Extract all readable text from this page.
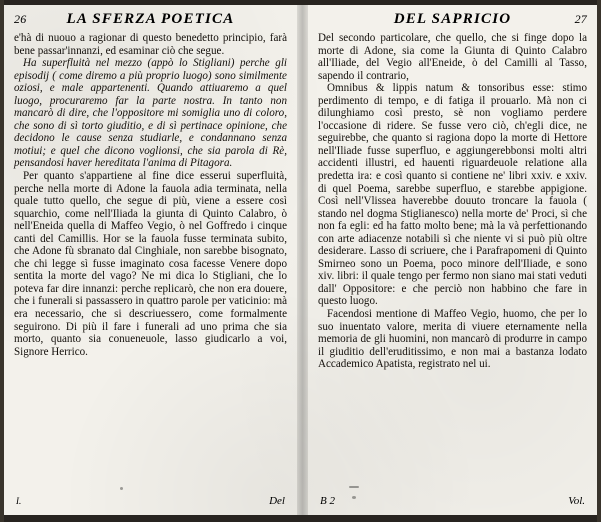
26	LA SFERZA POETICA

e'hà di nuouo a ragionar di questo benedetto principio, farà bene passar'innanzi, ed esaminar ciò che segue.

Ha superfluità nel mezzo (appò lo Stigliani) perche gli episodij ( come diremo a più proprio luogo) sono similmente oziosi, e male appartenenti. Quando attiuaremo a quel luogo, procuraremo far la parte nostra. In tanto non mancarò di dire, che l'oppositore mi somiglia uno di coloro, che sono di sì torto giuditio, e di sì pertinace opinione, che decidono le cause senza studiarle, e condannano senza motiui; e quel che dicono voglionsi, che sia parola di Rè, pensandosi haver hereditata l'anima di Pitagora.

Per quanto s'appartiene al fine dice esserui superfluità, perche nella morte di Adone la fauola adia terminata, nella quale tutto quello, che segue di più, viene a essere così squarchio, come nell'Iliada la giunta di Quinto Calabro, ò nell'Eneida quella di Maffeo Vegio, ò nel Goffredo i cinque canti del Camillis. Hor se la fauola fusse terminata subito, che Adone fù sbranato dal Cinghiale, non sarebbe bisognato, che chi legge sì fusse imaginato cosa facesse Venere dopo sentita la morte del vago? Ne mi dica lo Stigliani, che lo poteva far dire innanzi: perche replicarò, che non era douere, che i funerali si passassero in quattro parole per vaticinio: mà era necessario, che si descriuessero, come formalmente seguirono. Di più il fare i funerali ad uno prima che sia morto, quanto sia conueneuole, lasso giudicarlo a voi, Signore Herrico.

I.	Del
DEL SAPRICIO	27

Del secondo particolare, che quello, che si finge dopo la morte di Adone, sia come la Giunta di Quinto Calabro all'Iliade, del Vegio all'Eneide, ò del Camilli al Tasso, sapendo il contrario,

Omnibus & lippis natum & tonsoribus esse: stimo perdimento di tempo, e di fatiga il prouarlo. Mà non ci dilunghiamo così presto, sè non vogliamo perdere l'occasione di ridere. Se fusse vero ciò, ch'egli dice, ne seguirebbe, che quanto si ragiona dopo la morte di Hettore nell'Iliade fusse superfluo, e aggiungerebbonsi molti altri accidenti illustri, ed hauenti riguardeuole relatione alla predetta ira: e così quanto si contiene ne' libri xxiv. e xxiv. di quel Poema, sarebbe superfluo, e starebbe appigione. Così nell'Vlissea haverebbe douuto troncare la fauola ( stando nel dogma Stiglianesco) nella morte de' Proci, sì che non fa egli: ed ha fatto molto bene; mà la và perfettionando con arte adiacenze notabili sì che niente vi si può più oltre desiderare. Lasso di scriuere, che i Parafrapomeni di Quinto Smirneo sono un Poema, poco minore dell'Iliade, e sono xiv. libri: il quale tengo per fermo non siano mai stati veduti dall' Oppositore: e che perciò non habbino che fare in questo luogo.

Facendosi mentione di Maffeo Vegio, huomo, che per lo suo inuentato valore, merita di viuere eternamente nella memoria de gli huomini, non mancarò di produrre in campo il giuditio dell'eruditissimo, e non mai a bastanza lodato Accademico Apatista, registrato nel ui.

B 2	Vol.
